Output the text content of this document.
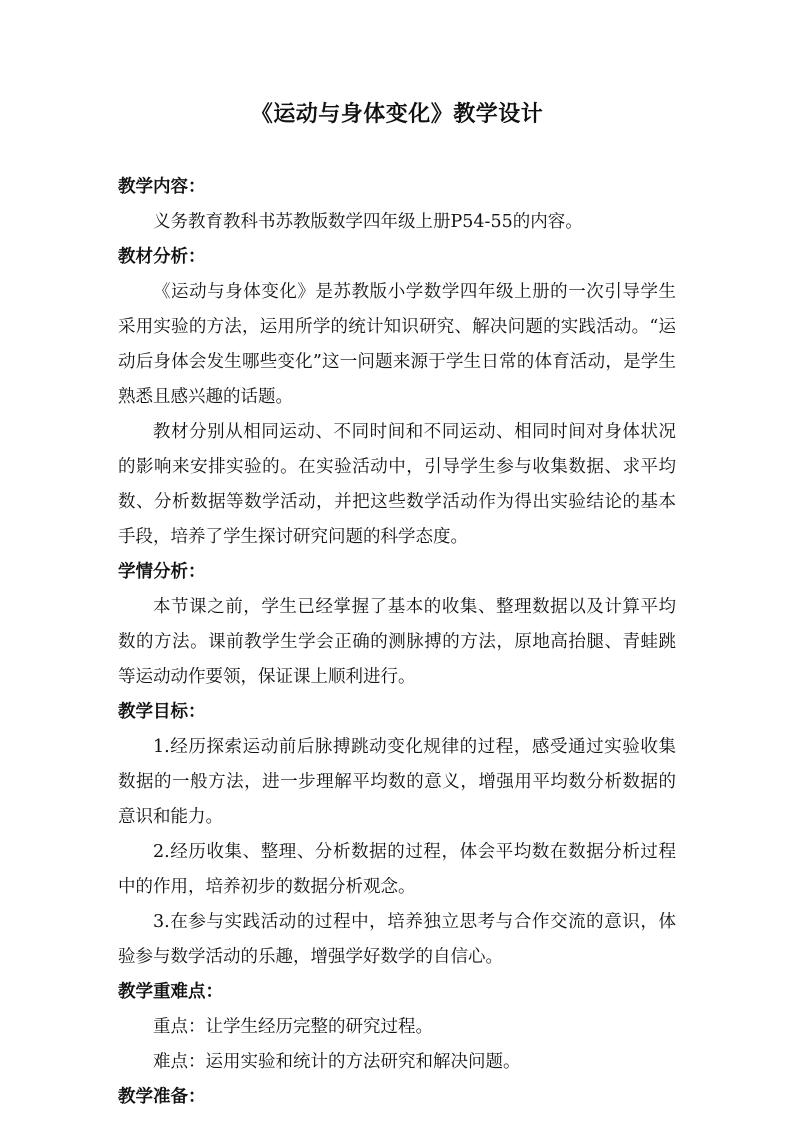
《运动与身体变化》教学设计

教学内容：

义务教育教科书苏教版数学四年级上册P54-55的内容。

教材分析：

《运动与身体变化》是苏教版小学数学四年级上册的一次引导学生采用实验的方法，运用所学的统计知识研究、解决问题的实践活动。“运动后身体会发生哪些变化”这一问题来源于学生日常的体育活动，是学生熟悉且感兴趣的话题。

教材分别从相同运动、不同时间和不同运动、相同时间对身体状况的影响来安排实验的。在实验活动中，引导学生参与收集数据、求平均数、分析数据等数学活动，并把这些数学活动作为得出实验结论的基本手段，培养了学生探讨研究问题的科学态度。

学情分析：

本节课之前，学生已经掌握了基本的收集、整理数据以及计算平均数的方法。课前教学生学会正确的测脉搏的方法，原地高抬腿、青蛙跳等运动动作要领，保证课上顺利进行。

教学目标：

1.经历探索运动前后脉搏跳动变化规律的过程，感受通过实验收集数据的一般方法，进一步理解平均数的意义，增强用平均数分析数据的意识和能力。

2.经历收集、整理、分析数据的过程，体会平均数在数据分析过程中的作用，培养初步的数据分析观念。

3.在参与实践活动的过程中，培养独立思考与合作交流的意识，体验参与数学活动的乐趣，增强学好数学的自信心。

教学重难点：

重点：让学生经历完整的研究过程。

难点：运用实验和统计的方法研究和解决问题。

教学准备：
